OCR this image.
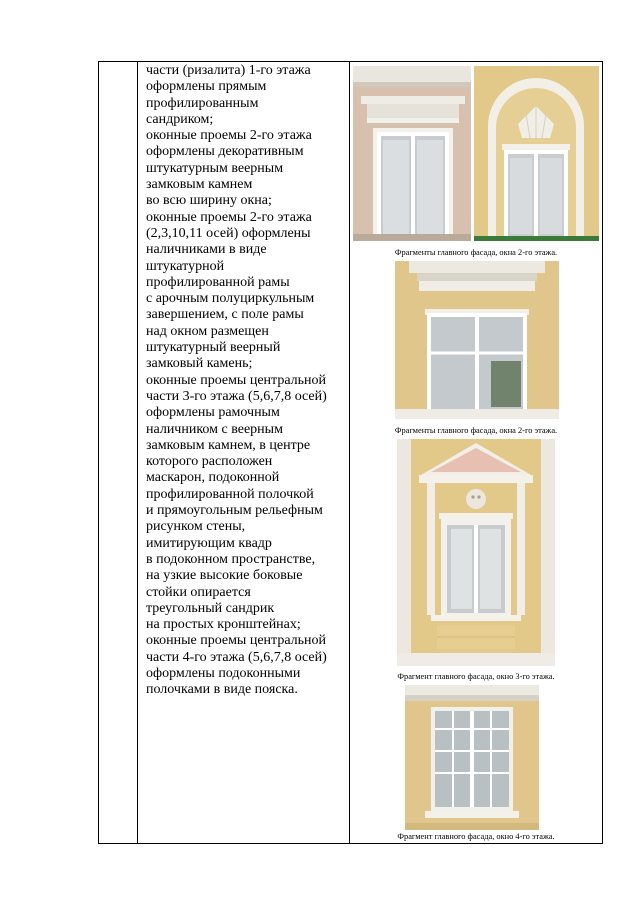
части (ризалита) 1-го этажа
оформлены прямым
профилированным
сандриком;
оконные проемы 2-го этажа
оформлены декоративным
штукатурным веерным
замковым камнем
во всю ширину окна;
оконные проемы 2-го этажа
(2,3,10,11 осей) оформлены
наличниками в виде
штукатурной
профилированной рамы
с арочным полуциркульным
завершением, с поле рамы
над окном размещен
штукатурный веерный
замковый камень;
оконные проемы центральной
части 3-го этажа (5,6,7,8 осей)
оформлены рамочным
наличником с веерным
замковым камнем, в центре
которого расположен
маскарон, подоконной
профилированной полочкой
и прямоугольным рельефным
рисунком стены,
имитирующим квадр
в подоконном пространстве,
на узкие высокие боковые
стойки опирается
треугольный сандрик
на простых кронштейнах;
оконные проемы центральной
части 4-го этажа (5,6,7,8 осей)
оформлены подоконными
полочками в виде пояска.

Фрагменты главного фасада, окна 2-го этажа.
Фрагменты главного фасада, окна 2-го этажа.
Фрагмент главного фасада, окно 3-го этажа.
Фрагмент главного фасада, окно 4-го этажа.
